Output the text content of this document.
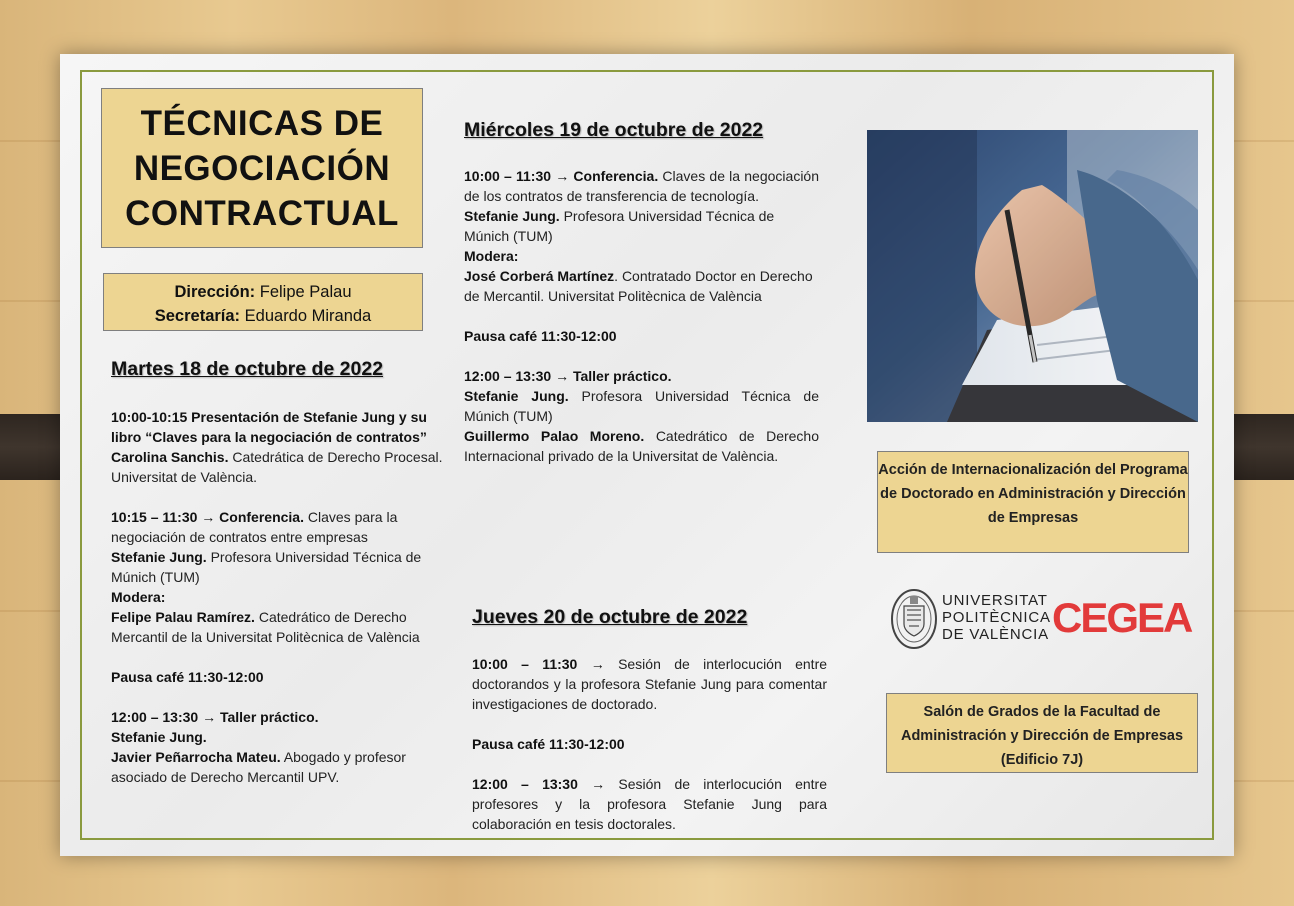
TÉCNICAS DE
NEGOCIACIÓN
CONTRACTUAL
Dirección: Felipe Palau
Secretaría: Eduardo Miranda
Martes 18 de octubre de 2022

10:00-10:15 Presentación de Stefanie Jung y su libro “Claves para la negociación de contratos”

Carolina Sanchis. Catedrática de Derecho Procesal. Universitat de València.

10:15 – 11:30 → Conferencia. Claves para la negociación de contratos entre empresas

Stefanie Jung. Profesora Universidad Técnica de Múnich (TUM)

Modera:

Felipe Palau Ramírez. Catedrático de Derecho Mercantil de la Universitat Politècnica de València

Pausa café 11:30-12:00

12:00 – 13:30 → Taller práctico.

Stefanie Jung.

Javier Peñarrocha Mateu. Abogado y profesor asociado de Derecho Mercantil UPV.

Miércoles 19 de octubre de 2022

10:00 – 11:30 → Conferencia. Claves de la negociación de los contratos de transferencia de tecnología.

Stefanie Jung. Profesora Universidad Técnica de Múnich (TUM)

Modera:

José Corberá Martínez. Contratado Doctor en Derecho de Mercantil. Universitat Politècnica de València

Pausa café 11:30-12:00

12:00 – 13:30 → Taller práctico.

Stefanie Jung. Profesora Universidad Técnica de Múnich (TUM)

Guillermo Palao Moreno. Catedrático de Derecho Internacional privado de la Universitat de València.

Jueves 20 de octubre de 2022

10:00 – 11:30 → Sesión de interlocución entre doctorandos y la profesora Stefanie Jung para comentar investigaciones de doctorado.

Pausa café 11:30-12:00

12:00 – 13:30 → Sesión de interlocución entre profesores y la profesora Stefanie Jung para colaboración en tesis doctorales.

Acción de Internacionalización del Programa de Doctorado en Administración y Dirección de Empresas
UNIVERSITAT
POLITÈCNICA
DE VALÈNCIA CEGEA
Salón de Grados de la Facultad de Administración y Dirección de Empresas (Edificio 7J)
